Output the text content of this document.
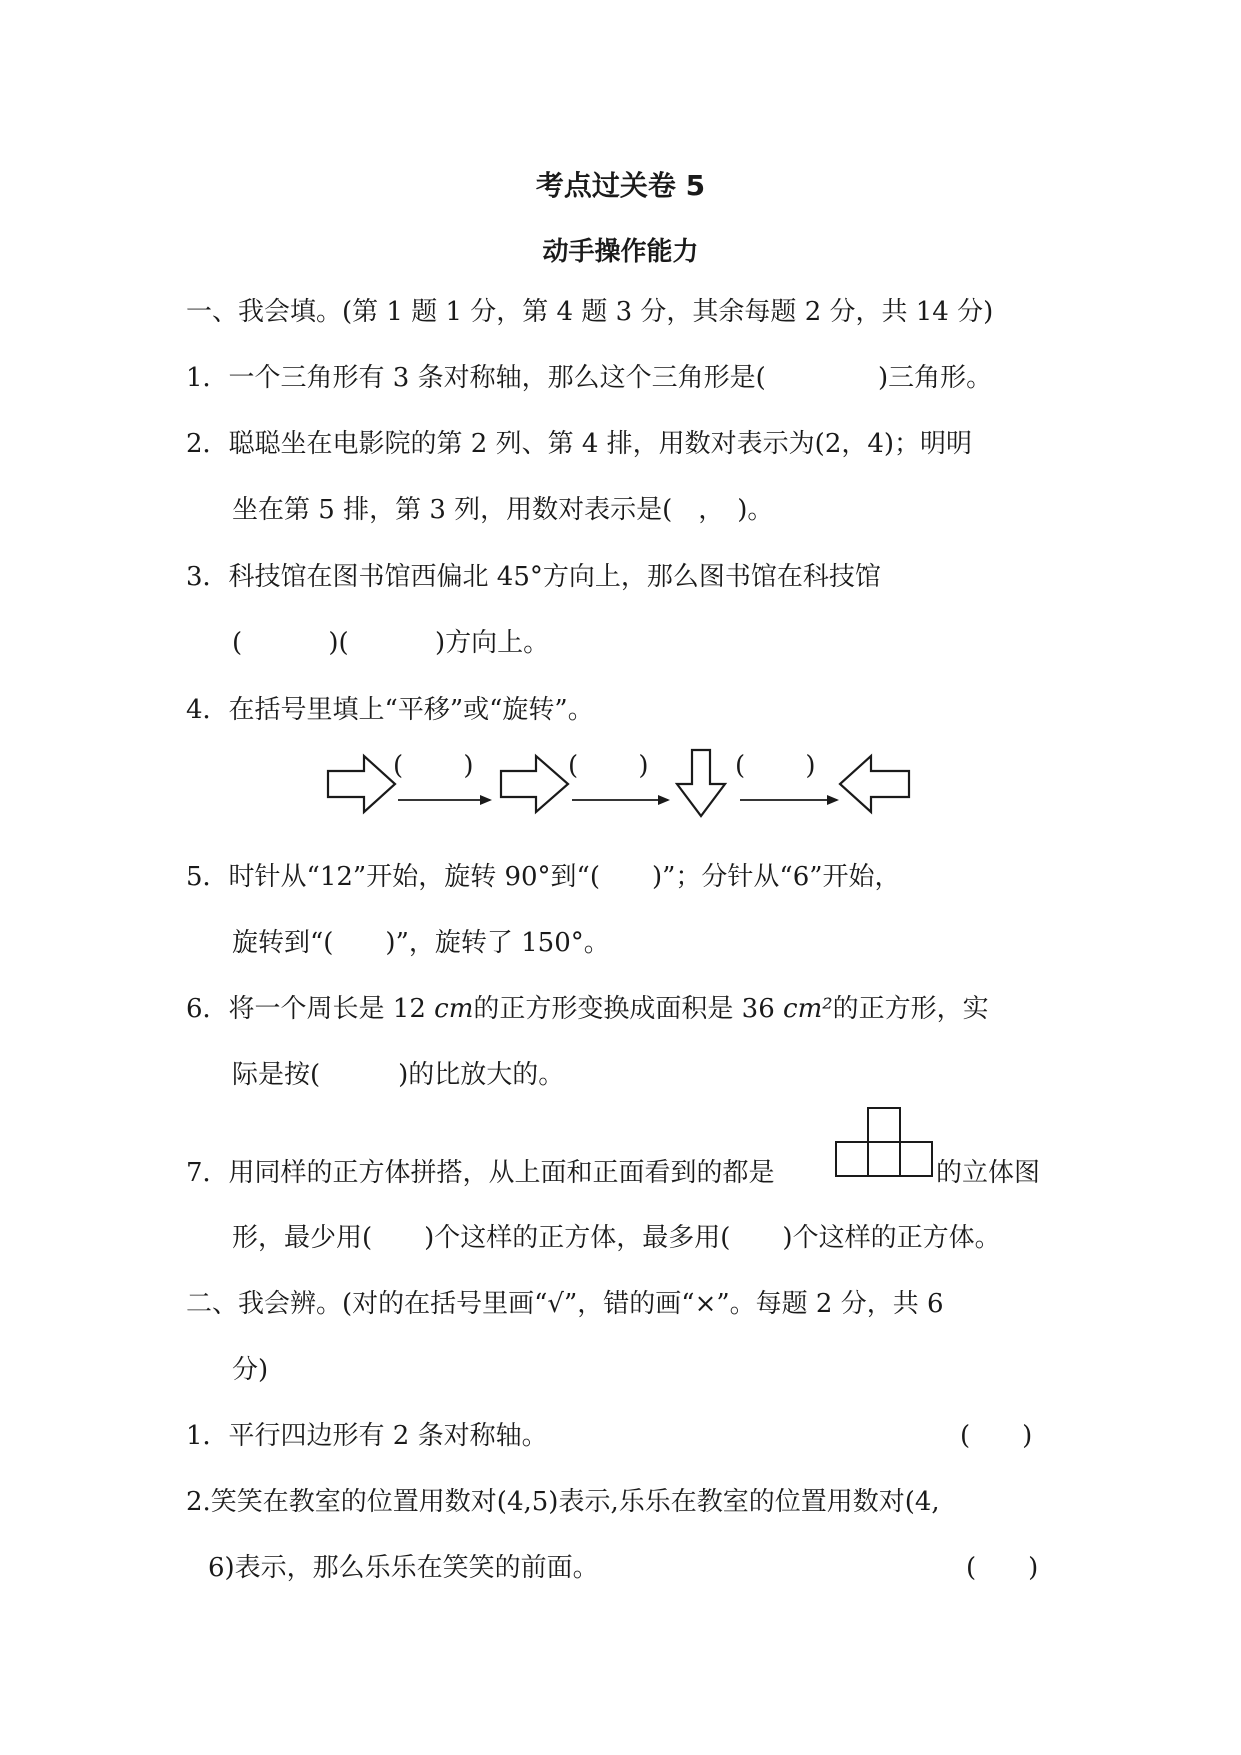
考点过关卷 5
动手操作能力
一、我会填。(第 1 题 1 分，第 4 题 3 分，其余每题 2 分，共 14 分)
1．一个三角形有 3 条对称轴，那么这个三角形是(　　　　 )三角形。
2．聪聪坐在电影院的第 2 列、第 4 排，用数对表示为(2，4)；明明
坐在第 5 排，第 3 列，用数对表示是(　，　)。
3．科技馆在图书馆西偏北 45°方向上，那么图书馆在科技馆
(　　　 )(　　　 )方向上。
4．在括号里填上“平移”或“旋转”。
(　　 )	(　　 )	(　　 )
5．时针从“12”开始，旋转 90°到“(　　)”；分针从“6”开始，
旋转到“(　　)”，旋转了 150°。
6．将一个周长是 12 cm的正方形变换成面积是 36 cm²的正方形，实
际是按(　　　)的比放大的。
7．用同样的正方体拼搭，从上面和正面看到的都是	的立体图
形，最少用(　　)个这样的正方体，最多用(　　)个这样的正方体。
二、我会辨。(对的在括号里画“√”，错的画“×”。每题 2 分，共 6
分)
1．平行四边形有 2 条对称轴。	(　　)
2.笑笑在教室的位置用数对(4,5)表示,乐乐在教室的位置用数对(4,
6)表示，那么乐乐在笑笑的前面。	(　　)
